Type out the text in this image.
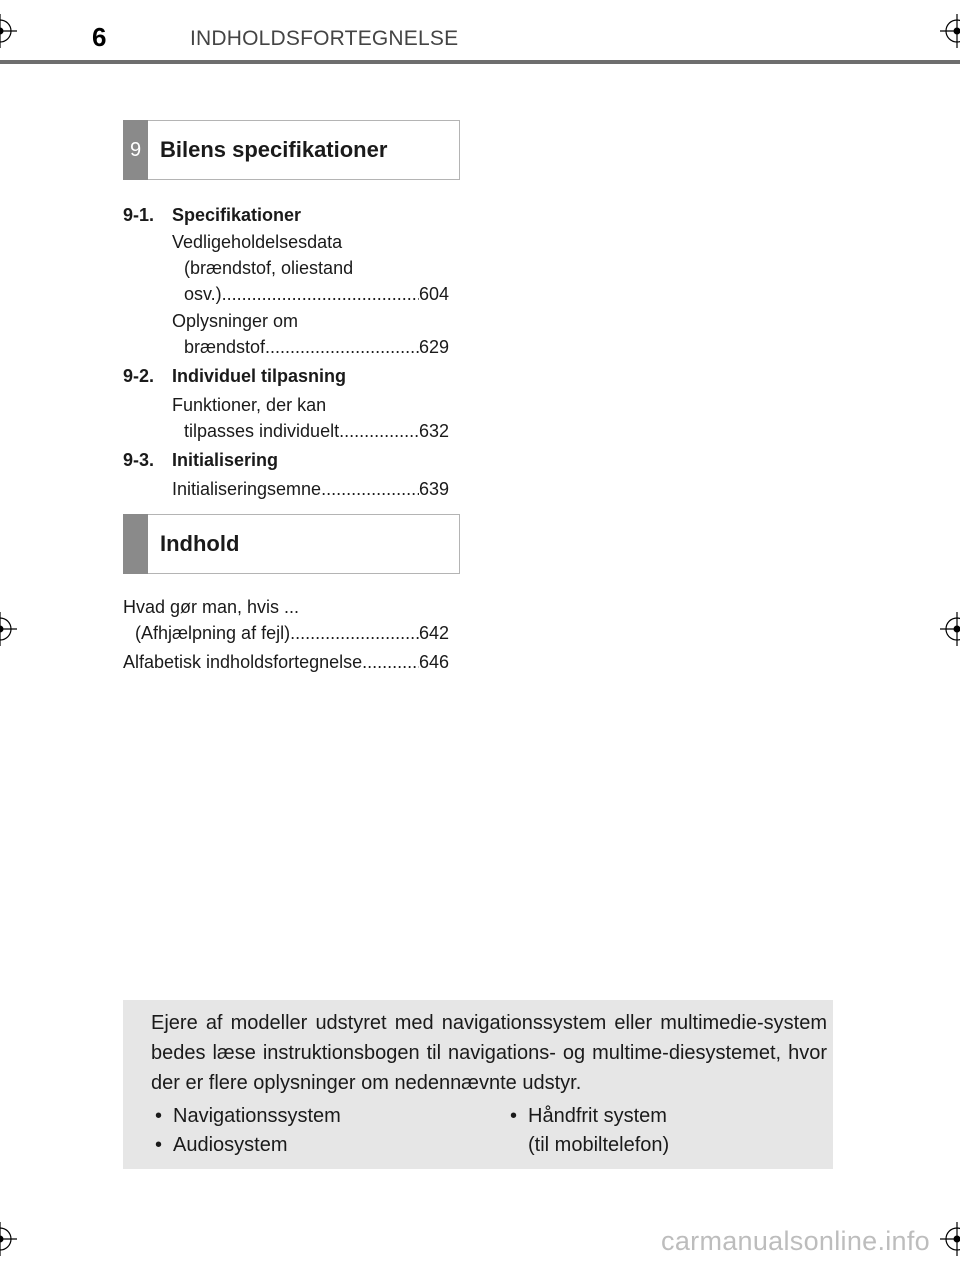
6	INDHOLDSFORTEGNELSE
9 Bilens specifikationer
9-1. Specifikationer
Vedligeholdelsesdata
(brændstof, oliestand
osv.) .....	604
Oplysninger om
brændstof .....	629
9-2. Individuel tilpasning
Funktioner, der kan
tilpasses individuelt .....	632
9-3. Initialisering
Initialiseringsemne .....	639
Indhold
Hvad gør man, hvis ...
(Afhjælpning af fejl) .....	642
Alfabetisk indholdsfortegnelse .....	646
Ejere af modeller udstyret med navigationssystem eller multimedie-system bedes læse instruktionsbogen til navigations- og multime-diesystemet, hvor der er flere oplysninger om nedennævnte udstyr.
• Navigationssystem
• Audiosystem
• Håndfrit system
(til mobiltelefon)
carmanualsonline.info
